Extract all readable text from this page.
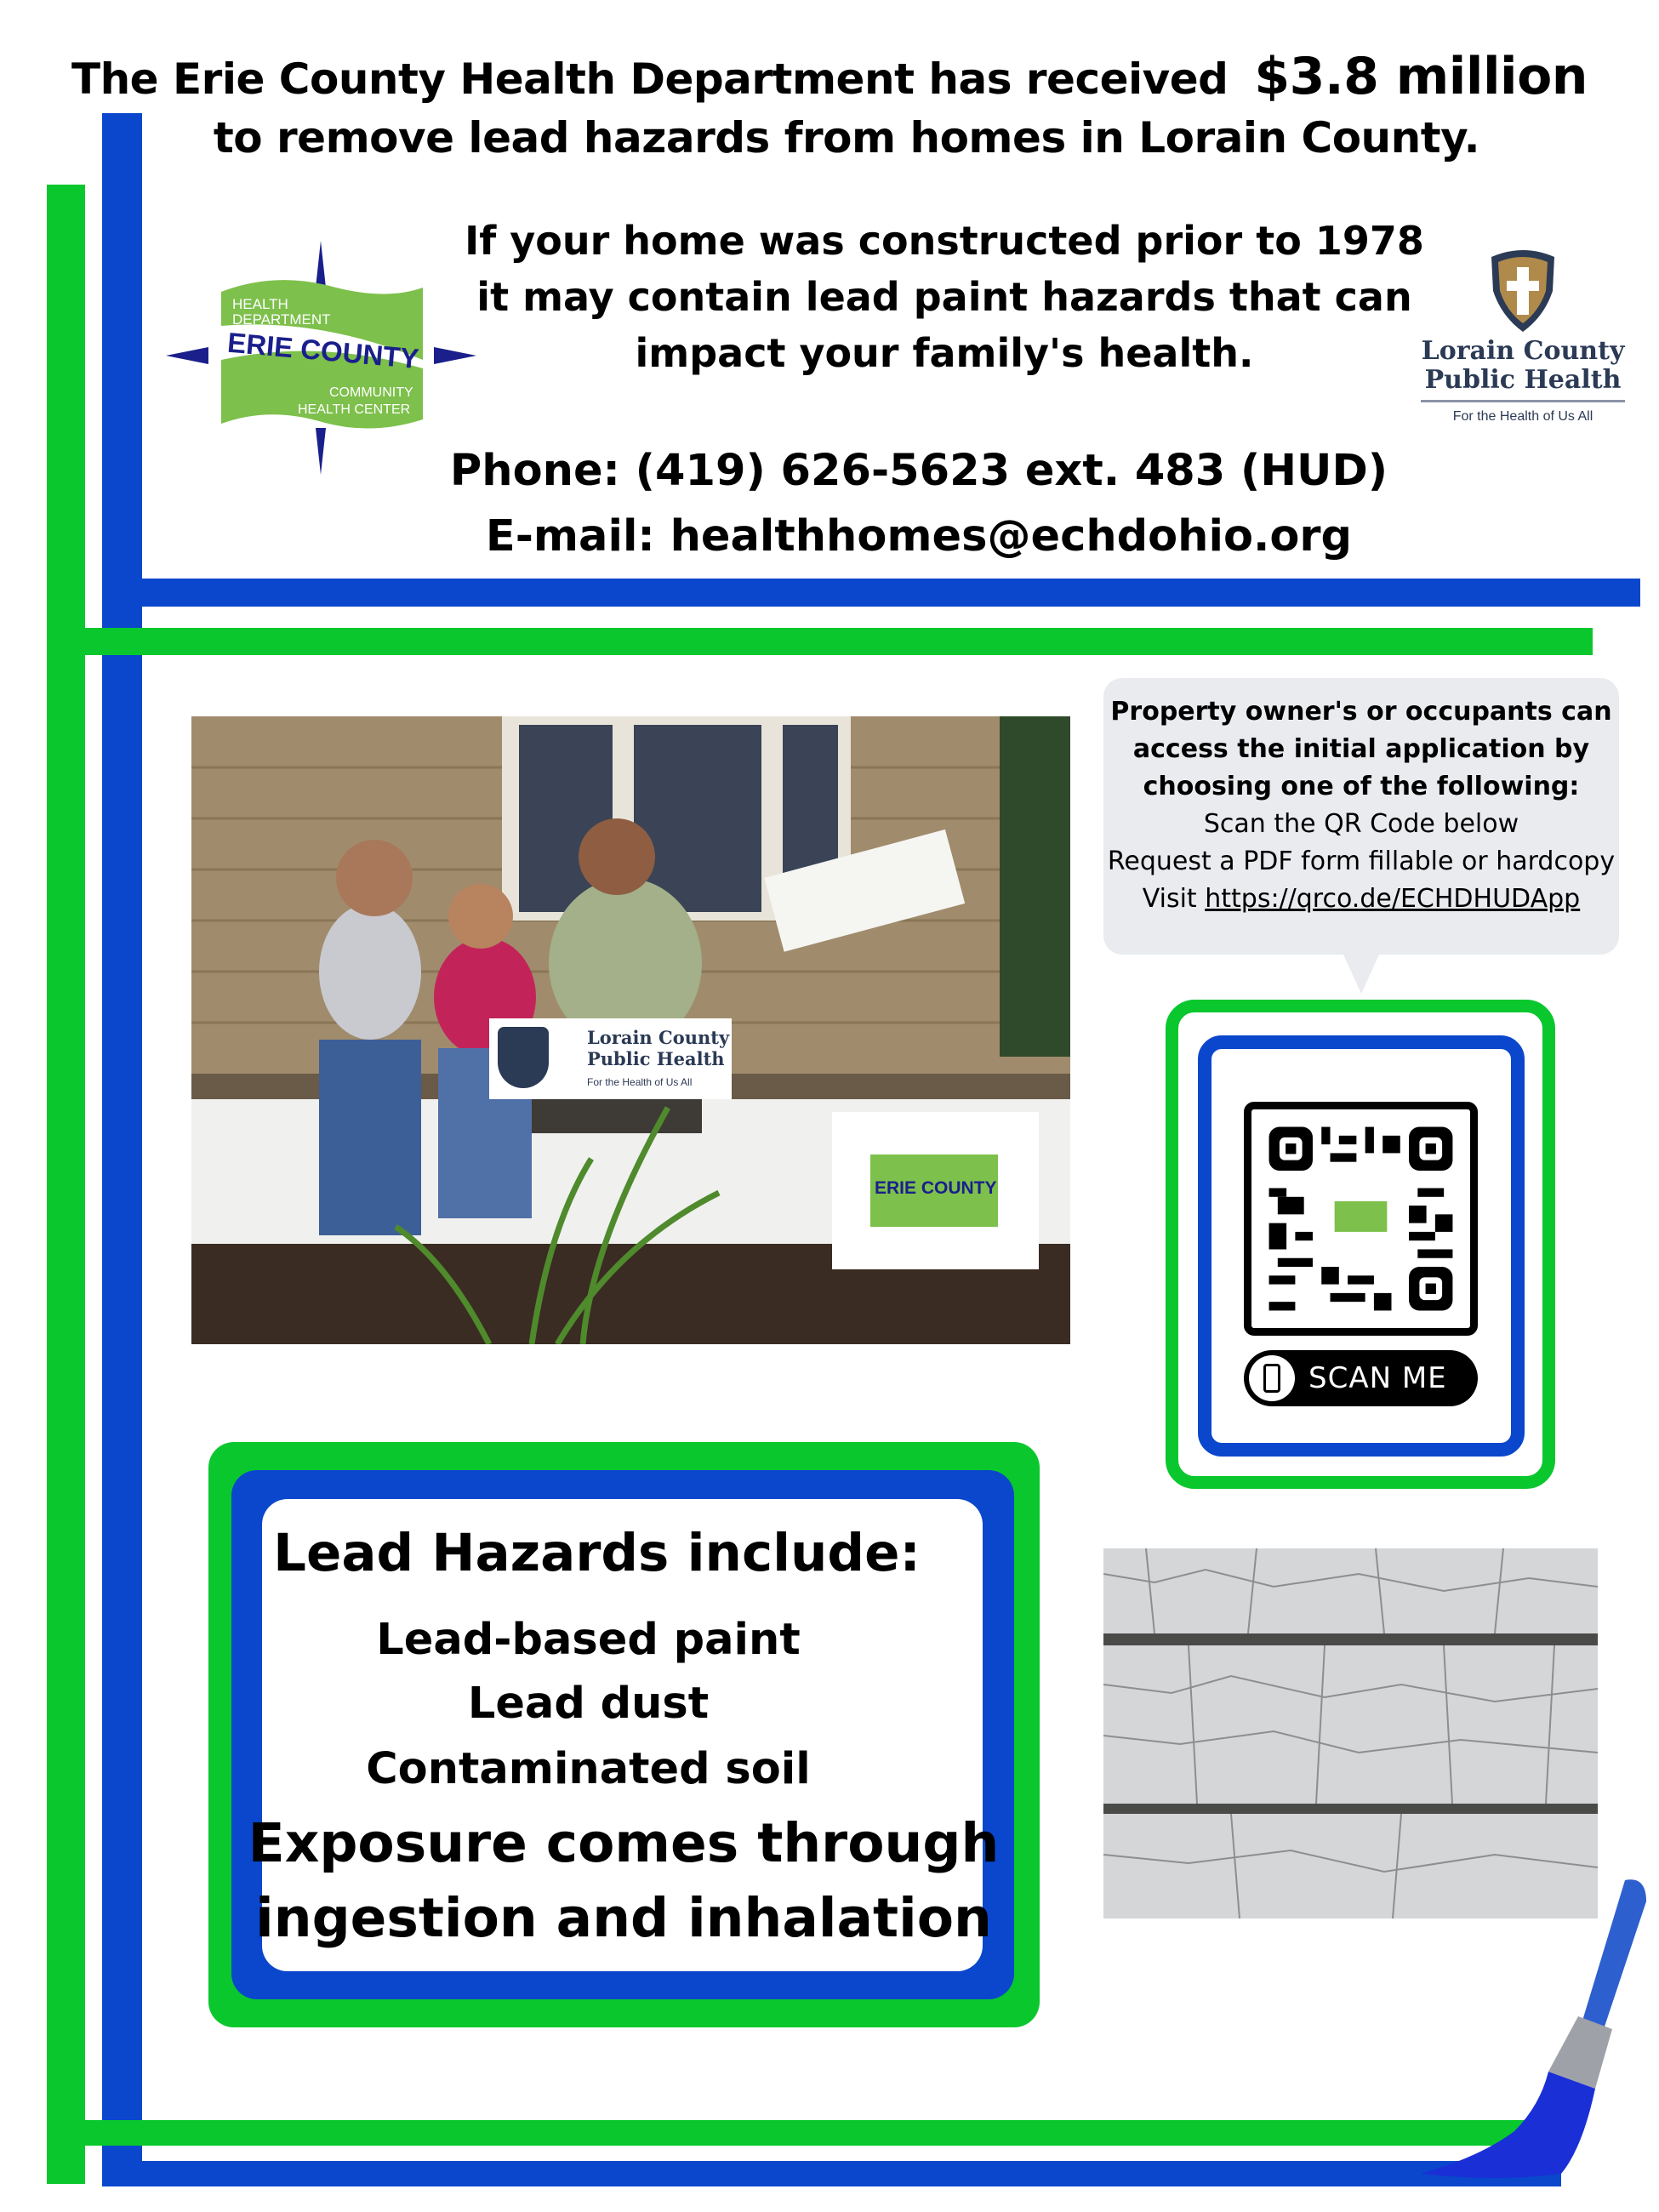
The Erie County Health Department has received $3.8 million
to remove lead hazards from homes in Lorain County.
HEALTH
DEPARTMENT
ERIE COUNTY
COMMUNITY
HEALTH CENTER
If your home was constructed prior to 1978
it may contain lead paint hazards that can
impact your family's health.
Phone: (419) 626-5623 ext. 483 (HUD)
E-mail: healthhomes@echdohio.org
Lorain County
Public Health
For the Health of Us All
Lorain County
Public Health
For the Health of Us All
ERIE COUNTY
Property owner's or occupants can
access the initial application by
choosing one of the following:
Scan the QR Code below
Request a PDF form fillable or hardcopy
Visit https://qrco.de/ECHDHUDApp
SCAN ME
Lead Hazards include:
Lead-based paint
Lead dust
Contaminated soil
Exposure comes through
ingestion and inhalation
